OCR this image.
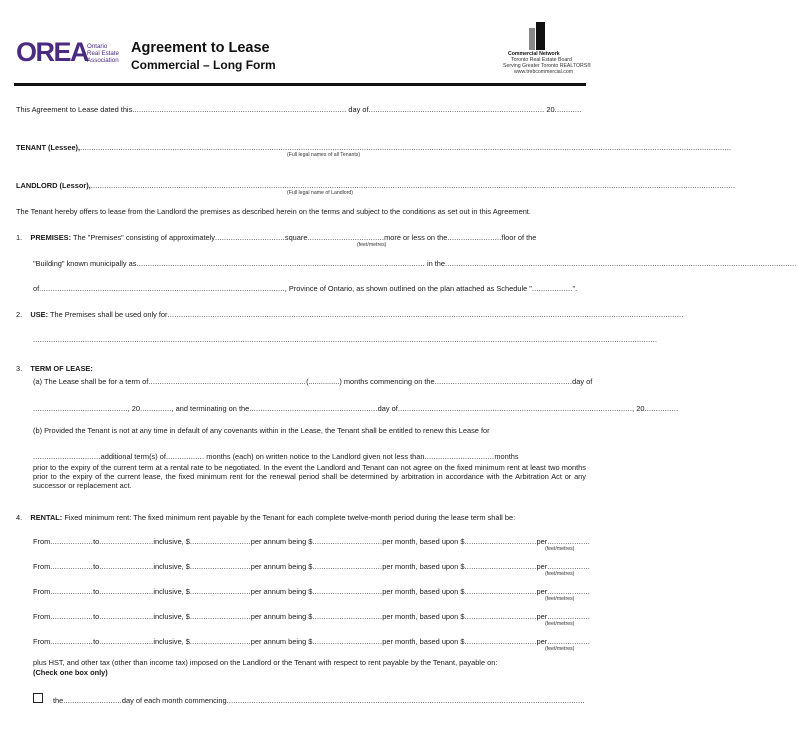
OREA
Ontario
Real Estate
Association
Agreement to Lease
Commercial – Long Form
Commercial Network
Toronto Real Estate Board
Serving Greater Toronto REALTORS®
www.trebcommercial.com
This Agreement to Lease dated this............................................................................................... day of.............................................................................. 20............
TENANT (Lessee),.................................................................................................................................................................................................................................................................................................
(Full legal names of all Tenants)
LANDLORD (Lessor),..............................................................................................................................................................................................................................................................................................
(Full legal name of Landlord)
The Tenant hereby offers to lease from the Landlord the premises as described herein on the terms and subject to the conditions as set out in this Agreement.
1. PREMISES: The "Premises" consisting of approximately...............................square..................................more or less on the........................floor of the
(feet/metres)
"Building" known municipally as................................................................................................................................ in the............................................................................................................................................................
of............................................................................................................., Province of Ontario, as shown outlined on the plan attached as Schedule "..................".
2. USE: The Premises shall be used only for.....................................................................................................................................................................................................................................
.....................................................................................................................................................................................................................................................................................
3. TERM OF LEASE:
(a) The Lease shall be for a term of......................................................................(...............) months commencing on the.............................................................day of
.........................................., 20.............., and terminating on the.........................................................day of........................................................................................................, 20...............
(b) Provided the Tenant is not at any time in default of any covenants within in the Lease, the Tenant shall be entitled to renew this Lease for
..............................additional term(s) of................. months (each) on written notice to the Landlord given not less than...............................months
prior to the expiry of the current term at a rental rate to be negotiated. In the event the Landlord and Tenant can not agree on the fixed minimum rent at least two months prior to the expiry of the current lease, the fixed minimum rent for the renewal period shall be determined by arbitration in accordance with the Arbitration Act or any successor or replacement act.
4. RENTAL: Fixed minimum rent: The fixed minimum rent payable by the Tenant for each complete twelve-month period during the lease term shall be:
From...................to........................inclusive, $...........................per annum being $...............................per month, based upon $................................per...................
(feet/metres)
From...................to........................inclusive, $...........................per annum being $...............................per month, based upon $................................per...................
(feet/metres)
From...................to........................inclusive, $...........................per annum being $...............................per month, based upon $................................per...................
(feet/metres)
From...................to........................inclusive, $...........................per annum being $...............................per month, based upon $................................per...................
(feet/metres)
From...................to........................inclusive, $...........................per annum being $...............................per month, based upon $................................per...................
(feet/metres)
plus HST, and other tax (other than income tax) imposed on the Landlord or the Tenant with respect to rent payable by the Tenant, payable on:
(Check one box only)
the..........................day of each month commencing...............................................................................................................................................................
